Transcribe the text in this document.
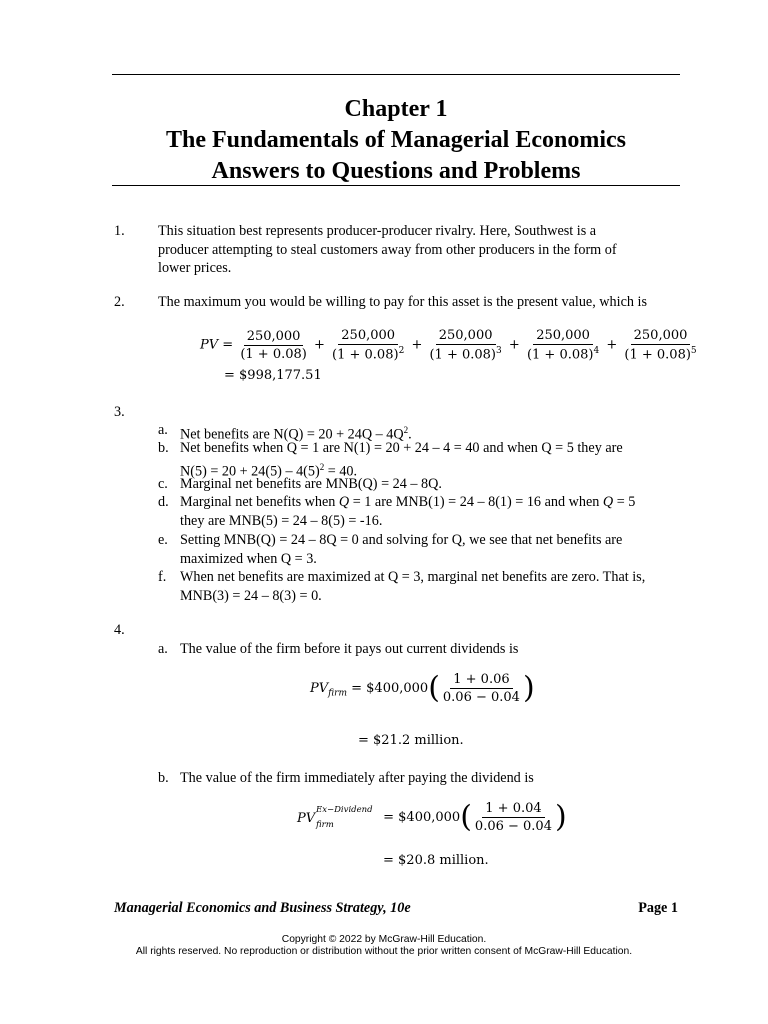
Chapter 1
The Fundamentals of Managerial Economics
Answers to Questions and Problems
1. This situation best represents producer-producer rivalry. Here, Southwest is a producer attempting to steal customers away from other producers in the form of lower prices.
2. The maximum you would be willing to pay for this asset is the present value, which is
PV = $\frac{250,000}{(1 + 0.08)} + \frac{250,000}{(1 + 0.08)^2} + \frac{250,000}{(1 + 0.08)^3} + \frac{250,000}{(1 + 0.08)^4} + \frac{250,000}{(1 + 0.08)^5}$
= $998,177.51
3.
a. Net benefits are $N(Q) = 20 + 24Q - 4Q^2$.
b. Net benefits when Q = 1 are N(1) = 20 + 24 – 4 = 40 and when Q = 5 they are
$N(5) = 20 + 24(5) - 4(5)^2 = 40$.
c. Marginal net benefits are MNB(Q) = 24 – 8Q.
d. Marginal net benefits when Q = 1 are MNB(1) = 24 – 8(1) = 16 and when Q = 5
they are MNB(5) = 24 – 8(5) = -16.
e. Setting MNB(Q) = 24 – 8Q = 0 and solving for Q, we see that net benefits are
maximized when Q = 3.
f. When net benefits are maximized at Q = 3, marginal net benefits are zero. That is,
MNB(3) = 24 – 8(3) = 0.
4.
a. The value of the firm before it pays out current dividends is
$PV_{firm}$ = $400,000( $\frac{1 + 0.06}{0.06 - 0.04}$ )
= $21.2 million.
b. The value of the firm immediately after paying the dividend is
PV
Ex−Dividend
firm	= $400,000( $\frac{1 + 0.04}{0.06 - 0.04}$ )
= $20.8 million.
Managerial Economics and Business Strategy, 10e	Page 1
Copyright © 2022 by McGraw-Hill Education.
All rights reserved. No reproduction or distribution without the prior written consent of McGraw-Hill Education.
